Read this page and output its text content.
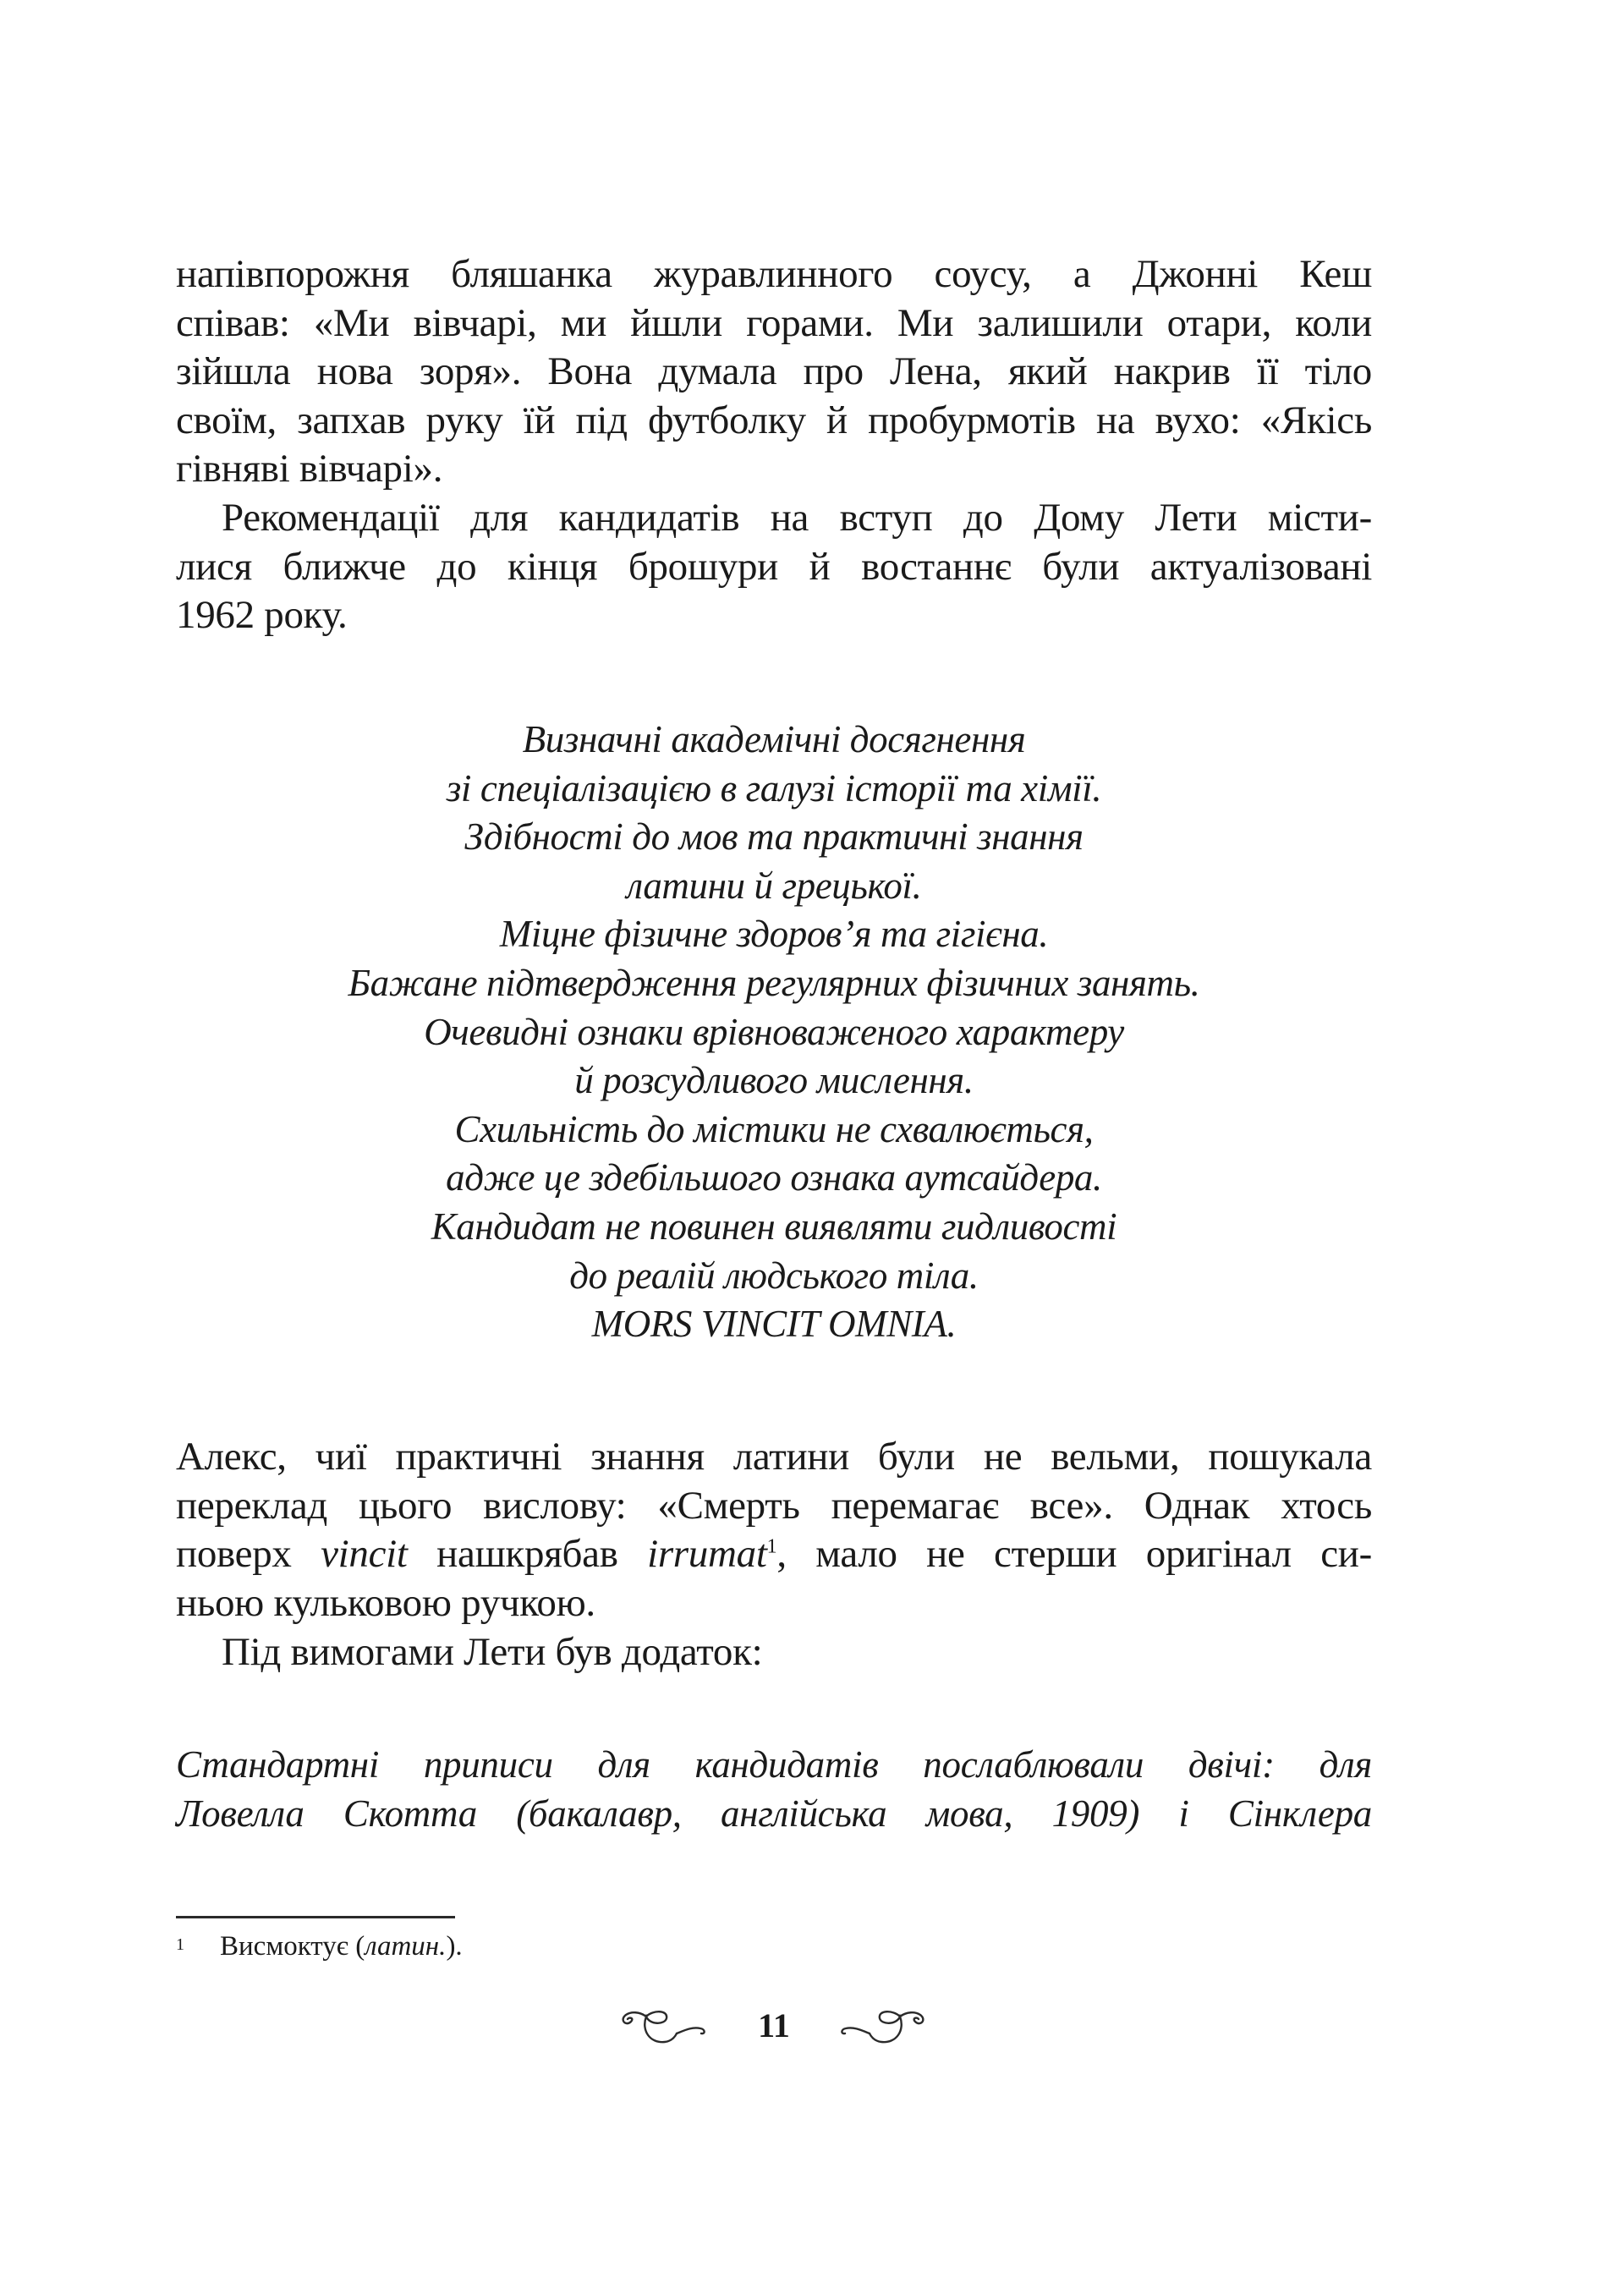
напівпорожня бляшанка журавлинного соусу, а Джонні Кеш
співав: «Ми вівчарі, ми йшли горами. Ми залишили отари, коли
зійшла нова зоря». Вона думала про Лена, який накрив її тіло
своїм, запхав руку їй під футболку й пробурмотів на вухо: «Якісь
гівняві вівчарі».
Рекомендації для кандидатів на вступ до Дому Лети місти-
лися ближче до кінця брошури й востаннє були актуалізовані
1962 року.
Визначні академічні досягнення
зі спеціалізацією в галузі історії та хімії.
Здібності до мов та практичні знання
латини й грецької.
Міцне фізичне здоров’я та гігієна.
Бажане підтвердження регулярних фізичних занять.
Очевидні ознаки врівноваженого характеру
й розсудливого мислення.
Схильність до містики не схвалюється,
адже це здебільшого ознака аутсайдера.
Кандидат не повинен виявляти гидливості
до реалій людського тіла.
MORS VINCIT OMNIA.
Алекс, чиї практичні знання латини були не вельми, пошукала
переклад цього вислову: «Смерть перемагає все». Однак хтось
поверх vincit нашкрябав irrumat$^1$, мало не стерши оригінал си-
ньою кульковою ручкою.
Під вимогами Лети був додаток:
Стандартні приписи для кандидатів послаблювали двічі: для
Ловелла Скотта (бакалавр, англійська мова, 1909) і Сінклера
1 Висмоктує (латин.).
11
